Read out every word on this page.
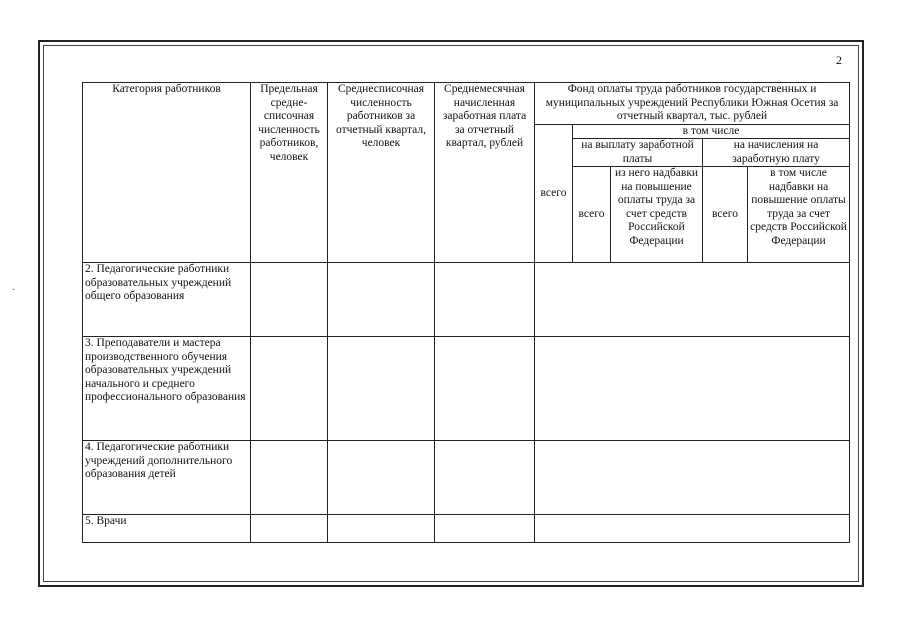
2
.
Категория работников	Предельная средне-списочная численность работников, человек	Среднесписочная численность работников за отчетный квартал, человек	Среднемесячная начисленная заработная плата за отчетный квартал, рублей	Фонд оплаты труда работников государственных и муниципальных учреждений Республики Южная Осетия за отчетный квартал, тыс. рублей				
				всего	в том числе			
					на выплату заработной платы		на начисления на заработную плату	
					всего	из него надбавки на повышение оплаты труда за счет средств Российской Федерации	всего	в том числе надбавки на повышение оплаты труда за счет средств Российской Федерации
2. Педагогические работники образовательных учреждений общего образования								
3. Преподаватели и мастера производственного обучения образовательных учреждений начального и среднего профессионального образования								
4. Педагогические работники учреждений дополнительного образования детей								
5. Врачи								
